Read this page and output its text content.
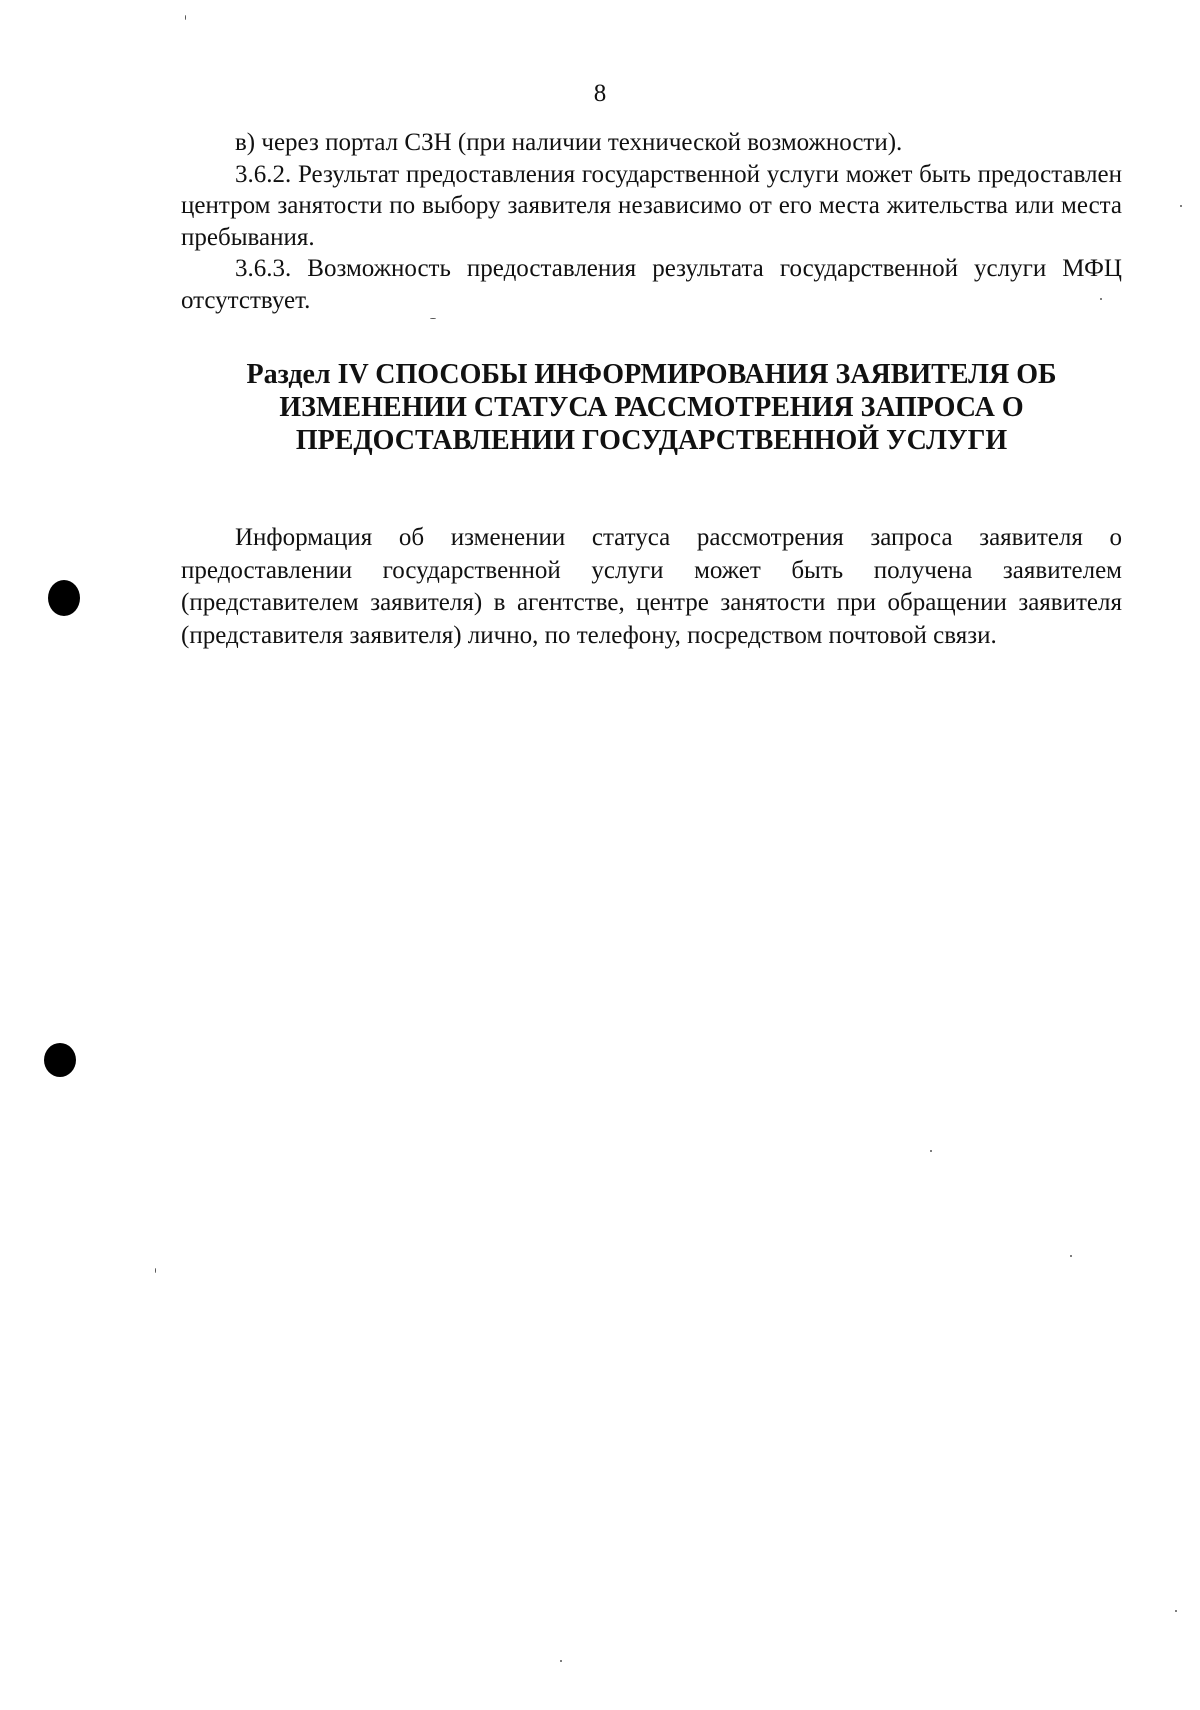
8

в) через портал СЗН (при наличии технической возможности).

3.6.2. Результат предоставления государственной услуги может быть предоставлен центром занятости по выбору заявителя независимо от его места жительства или места пребывания.

3.6.3. Возможность предоставления результата государственной услуги МФЦ отсутствует.

Раздел IV СПОСОБЫ ИНФОРМИРОВАНИЯ ЗАЯВИТЕЛЯ ОБ
ИЗМЕНЕНИИ СТАТУСА РАССМОТРЕНИЯ ЗАПРОСА О
ПРЕДОСТАВЛЕНИИ ГОСУДАРСТВЕННОЙ УСЛУГИ

Информация об изменении статуса рассмотрения запроса заявителя о предоставлении государственной услуги может быть получена заявителем (представителем заявителя) в агентстве, центре занятости при обращении заявителя (представителя заявителя) лично, по телефону, посредством почтовой связи.
